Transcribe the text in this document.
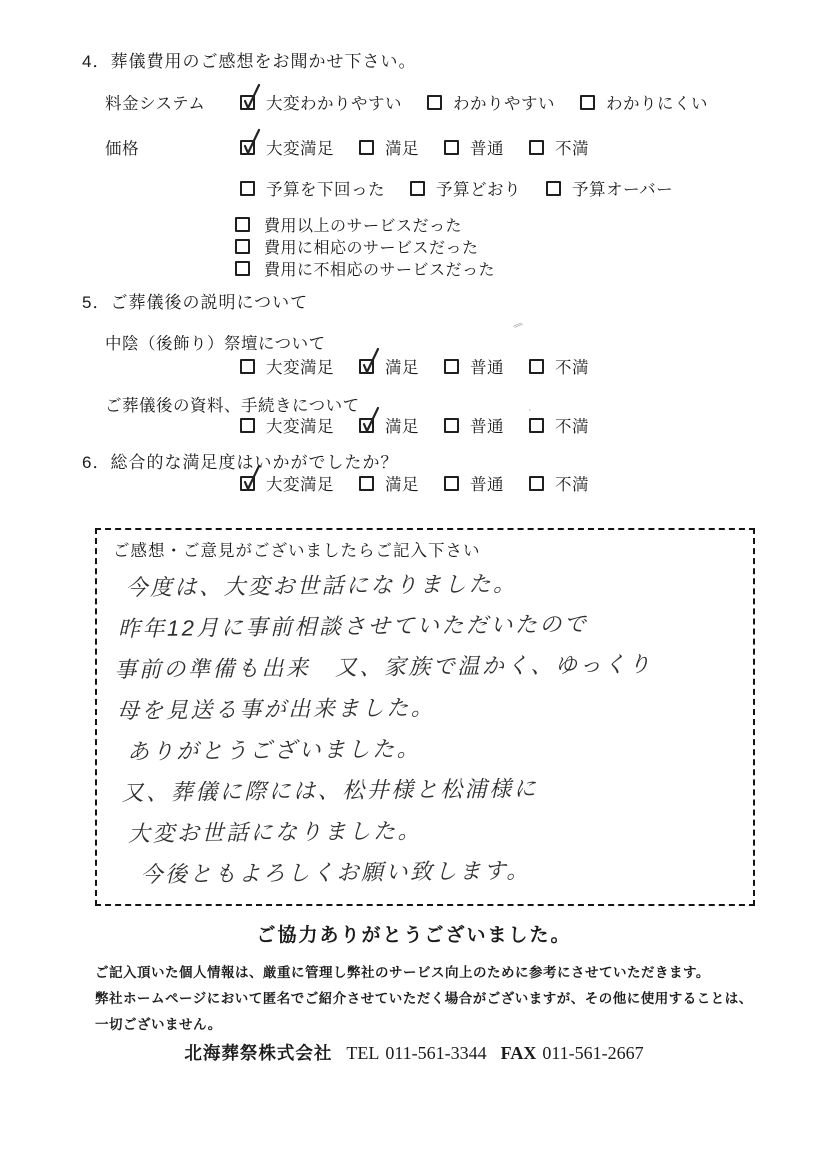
4．葬儀費用のご感想をお聞かせ下さい。
料金システム	大変わかりやすい	わかりやすい	わかりにくい
価格	大変満足	満足	普通	不満
予算を下回った	予算どおり	予算オーバー
費用以上のサービスだった
費用に相応のサービスだった
費用に不相応のサービスだった
5．ご葬儀後の説明について
中陰（後飾り）祭壇について
大変満足	満足	普通	不満
ご葬儀後の資料、手続きについて
大変満足	満足	普通	不満
⁄⁄
·
6．総合的な満足度はいかがでしたか？
大変満足	満足	普通	不満
ご感想・ご意見がございましたらご記入下さい
今度は、大変お世話になりました。
昨年12月に事前相談させていただいたので
事前の準備も出来　又、家族で温かく、ゆっくり
母を見送る事が出来ました。
ありがとうございました。
又、葬儀に際には、松井様と松浦様に
大変お世話になりました。
今後ともよろしくお願い致します。
ご協力ありがとうございました。
ご記入頂いた個人情報は、厳重に管理し弊社のサービス向上のために参考にさせていただきます。
弊社ホームページにおいて匿名でご紹介させていただく場合がございますが、その他に使用することは、
一切ございません。
北海葬祭株式会社 TEL 011-561-3344 FAX 011-561-2667
